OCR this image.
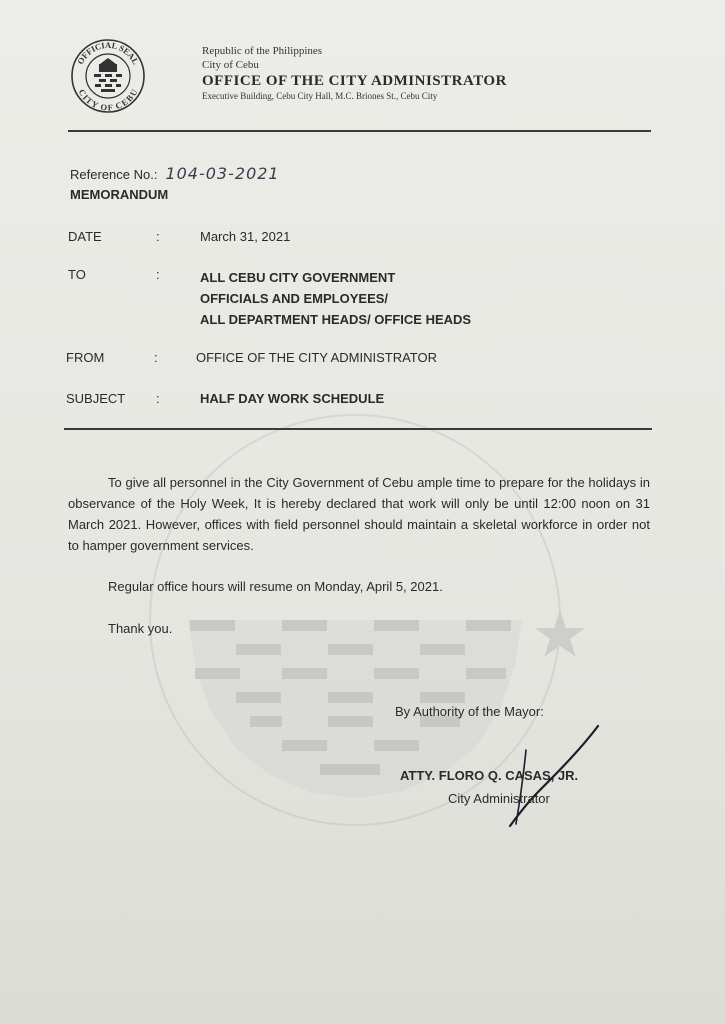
OFFICIAL SEAL
CITY OF CEBU
Republic of the Philippines
City of Cebu
OFFICE OF THE CITY ADMINISTRATOR
Executive Building, Cebu City Hall, M.C. Briones St., Cebu City
Reference No.: 104-03-2021
MEMORANDUM
DATE	:	March 31, 2021
TO	:	ALL CEBU CITY GOVERNMENT
OFFICIALS AND EMPLOYEES/
ALL DEPARTMENT HEADS/ OFFICE HEADS
FROM	:	OFFICE OF THE CITY ADMINISTRATOR
SUBJECT :	HALF DAY WORK SCHEDULE
To give all personnel in the City Government of Cebu ample time to prepare for the holidays in observance of the Holy Week, It is hereby declared that work will only be until 12:00 noon on 31 March 2021. However, offices with field personnel should maintain a skeletal workforce in order not to hamper government services.
Regular office hours will resume on Monday, April 5, 2021.
Thank you.
By Authority of the Mayor:
ATTY. FLORO Q. CASAS, JR.
City Administrator
